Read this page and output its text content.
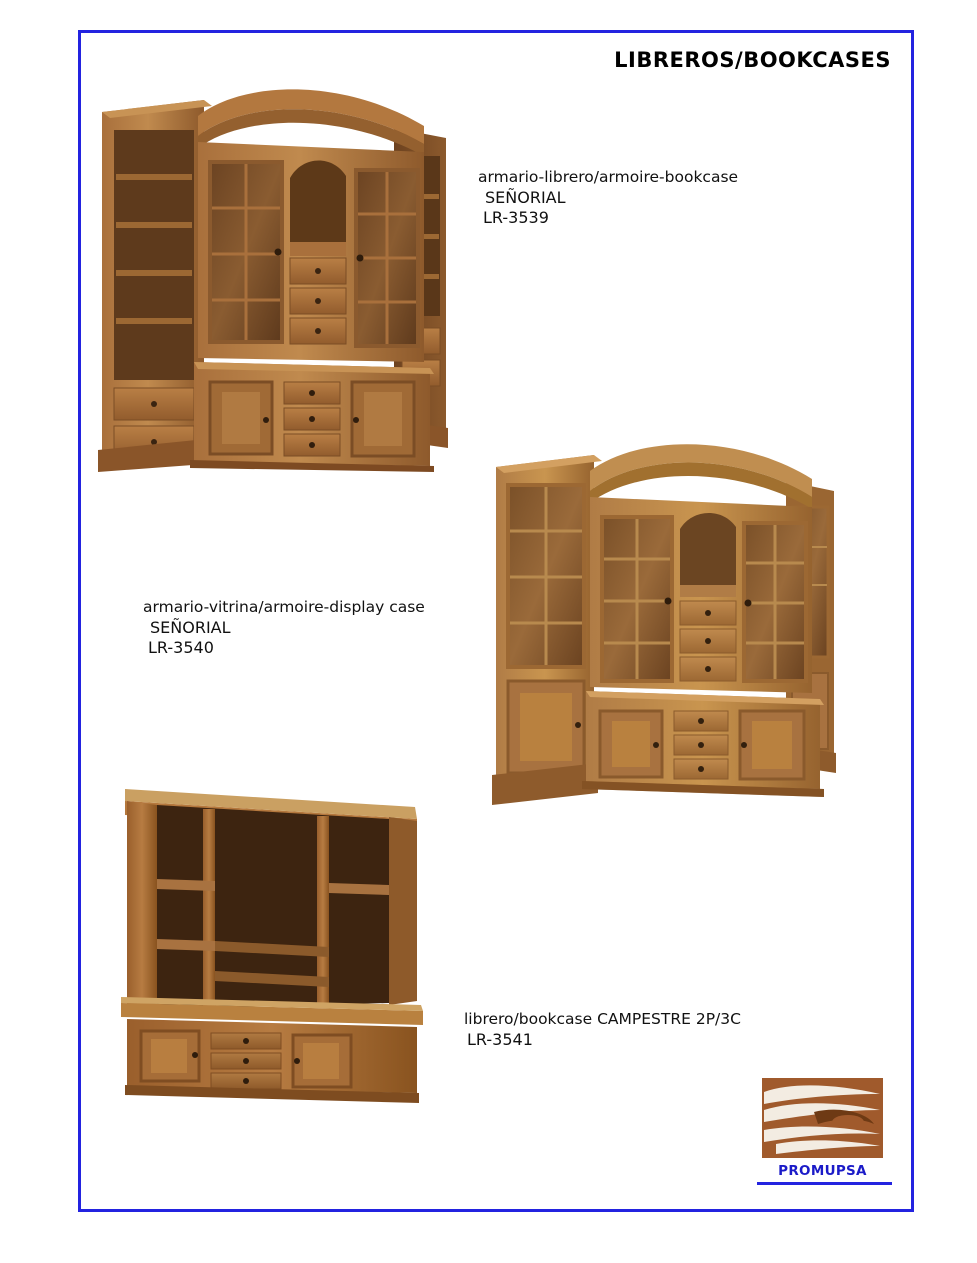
LIBREROS/BOOKCASES
armario-librero/armoire-bookcase
SEÑORIAL
LR-3539
armario-vitrina/armoire-display case
SEÑORIAL
LR-3540
librero/bookcase CAMPESTRE 2P/3C
LR-3541
PROMUPSA
